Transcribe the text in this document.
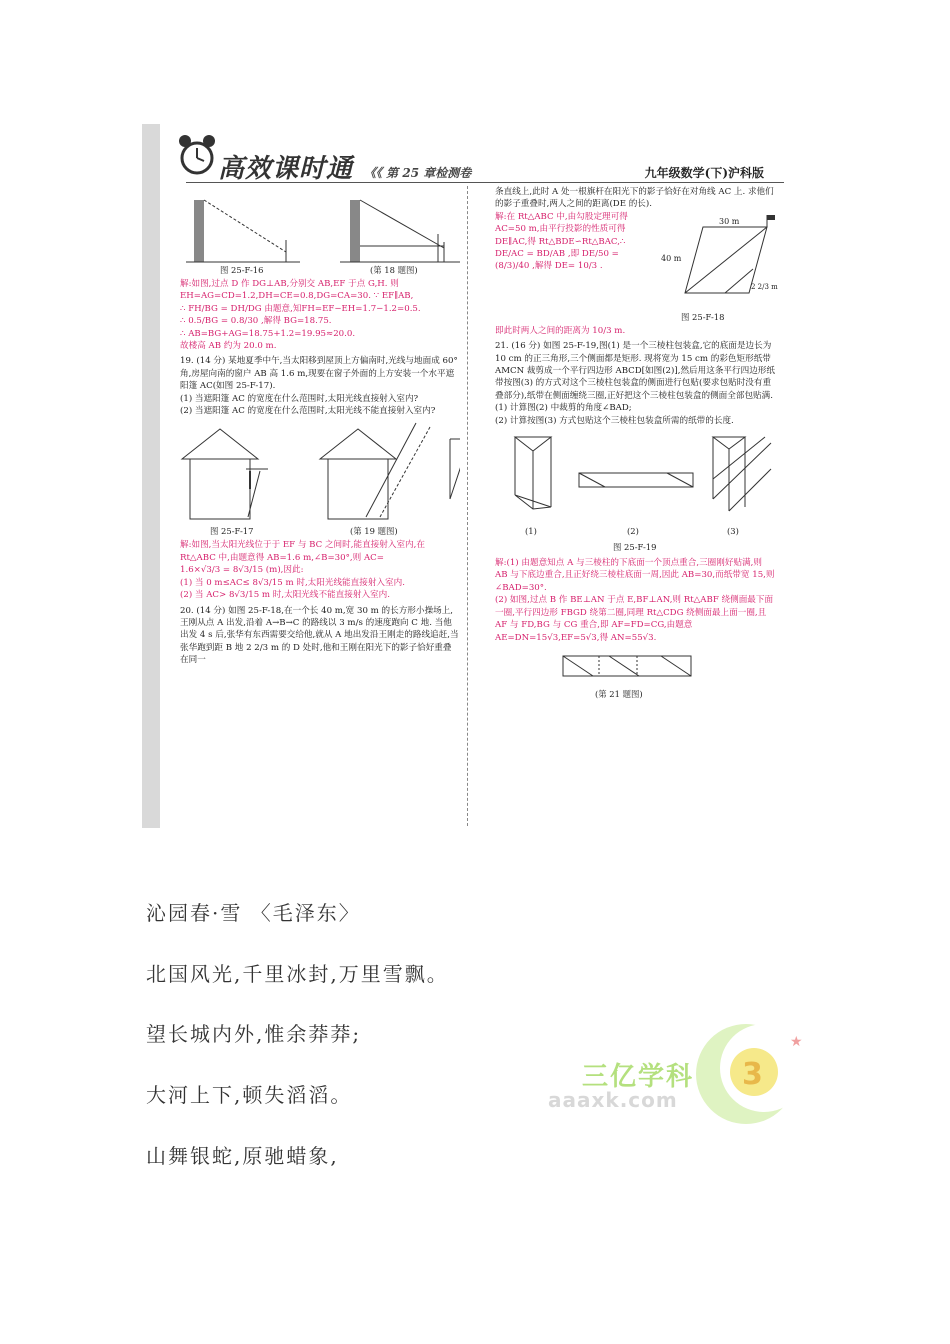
高效课时通 《《 第 25 章检测卷	九年级数学(下)沪科版
图 25-F-16	(第 18 题图)

解:如图,过点 D 作 DG⊥AB,分别交 AB,EF 于点 G,H. 则 EH=AG=CD=1.2,DH=CE=0.8,DG=CA=30. ∵ EF∥AB,

∴ FH/BG = DH/DG 由题意,知FH=EF−EH=1.7−1.2=0.5.

∴ 0.5/BG = 0.8/30 ,解得 BG=18.75.

∴ AB=BG+AG=18.75+1.2=19.95≈20.0.

故楼高 AB 约为 20.0 m.

19. (14 分) 某地夏季中午,当太阳移到屋顶上方偏南时,光线与地面成 60°角,房屋向南的窗户 AB 高 1.6 m,现要在窗子外面的上方安装一个水平遮阳篷 AC(如图 25-F-17).

(1) 当遮阳篷 AC 的宽度在什么范围时,太阳光线直接射入室内?

(2) 当遮阳篷 AC 的宽度在什么范围时,太阳光线不能直接射入室内?

图 25-F-17	(第 19 题图)

解:如图,当太阳光线位于于 EF 与 BC 之间时,能直接射入室内,在 Rt△ABC 中,由题意得 AB=1.6 m,∠B=30°,则 AC=

1.6×√3/3 = 8√3/15 (m),因此:

(1) 当 0 m≤AC≤ 8√3/15 m 时,太阳光线能直接射入室内.

(2) 当 AC> 8√3/15 m 时,太阳光线不能直接射入室内.

20. (14 分) 如图 25-F-18,在一个长 40 m,宽 30 m 的长方形小操场上,王刚从点 A 出发,沿着 A→B→C 的路线以 3 m/s 的速度跑向 C 地. 当他出发 4 s 后,张华有东西需要交给他,就从 A 地出发沿王刚走的路线追赶,当张华跑到距 B 地 2 2/3 m 的 D 处时,他和王刚在阳光下的影子恰好重叠在同一

条直线上,此时 A 处一根旗杆在阳光下的影子恰好在对角线 AC 上. 求他们的影子重叠时,两人之间的距离(DE 的长).

解:在 Rt△ABC 中,由勾股定理可得 AC=50 m,由平行投影的性质可得 DE∥AC,得 Rt△BDE∽Rt△BAC,∴ DE/AC = BD/AB ,即 DE/50 = (8/3)/40 ,解得 DE= 10/3 .

30 m
40 m
2 2/3 m
图 25-F-18

即此时两人之间的距离为 10/3 m.

21. (16 分) 如图 25-F-19,图(1) 是一个三棱柱包装盒,它的底面是边长为 10 cm 的正三角形,三个侧面都是矩形. 现将宽为 15 cm 的彩色矩形纸带 AMCN 裁剪成一个平行四边形 ABCD[如图(2)],然后用这条平行四边形纸带按图(3) 的方式对这个三棱柱包装盒的侧面进行包贴(要求包贴时没有重叠部分),纸带在侧面缠绕三圈,正好把这个三棱柱包装盒的侧面全部包贴满.

(1) 计算图(2) 中裁剪的角度∠BAD;

(2) 计算按图(3) 方式包贴这个三棱柱包装盒所需的纸带的长度.

(1)	(2)	(3)
图 25-F-19

解:(1) 由题意知点 A 与三棱柱的下底面一个顶点重合,三圈刚好贴满,则 AB 与下底边重合,且正好绕三棱柱底面一周,因此 AB=30,而纸带宽 15,则∠BAD=30°.

(2) 如图,过点 B 作 BE⊥AN 于点 E,BF⊥AN,则 Rt△ABF 绕侧面最下面一圈,平行四边形 FBGD 绕第二圈,同理 Rt△CDG 绕侧面最上面一圈,且 AF 与 FD,BG 与 CG 重合,即 AF=FD=CG,由题意 AE=DN=15√3,EF=5√3,得 AN=55√3.

(第 21 题图)
沁园春·雪 〈毛泽东〉
北国风光,千里冰封,万里雪飘。
望长城内外,惟余莽莽;
大河上下,顿失滔滔。
山舞银蛇,原驰蜡象,
3
★
三亿学科
aaaxk.com
